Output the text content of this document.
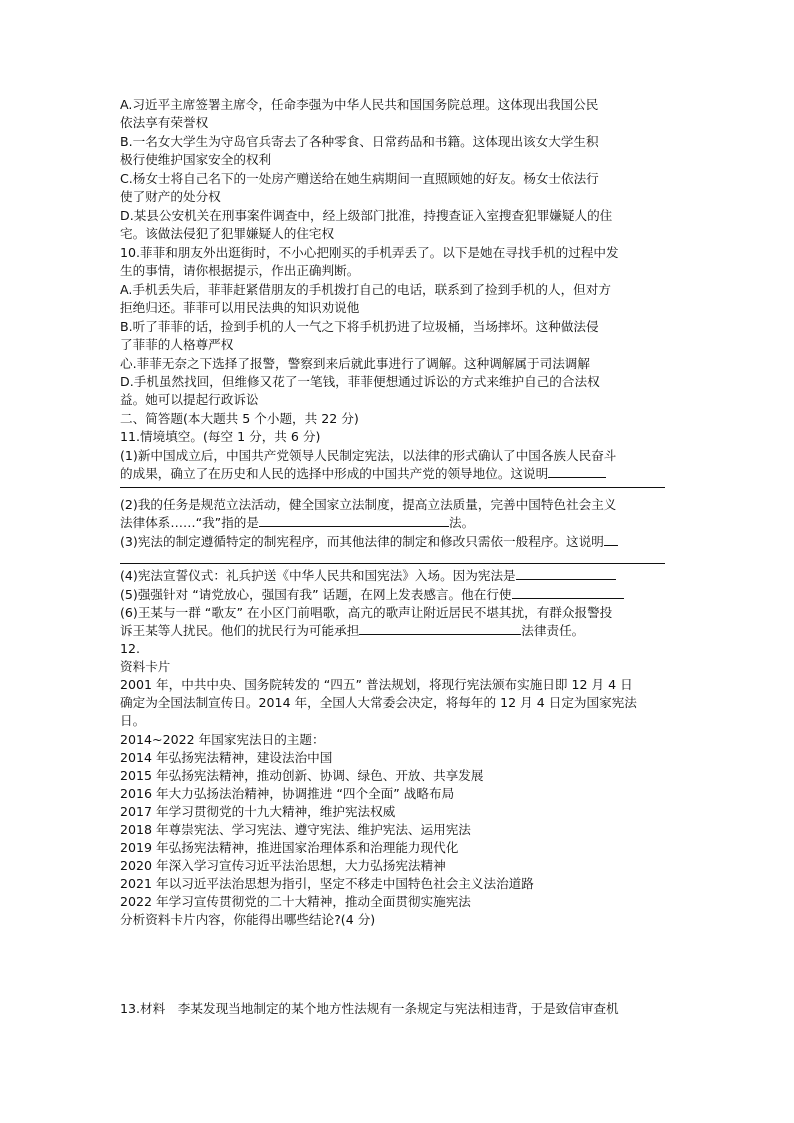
A.习近平主席签署主席令，任命李强为中华人民共和国国务院总理。这体现出我国公民
依法享有荣誉权
B.一名女大学生为守岛官兵寄去了各种零食、日常药品和书籍。这体现出该女大学生积
极行使维护国家安全的权利
C.杨女士将自己名下的一处房产赠送给在她生病期间一直照顾她的好友。杨女士依法行
使了财产的处分权
D.某县公安机关在刑事案件调查中，经上级部门批准，持搜查证入室搜查犯罪嫌疑人的住
宅。该做法侵犯了犯罪嫌疑人的住宅权
10.菲菲和朋友外出逛街时，不小心把刚买的手机弄丢了。以下是她在寻找手机的过程中发
生的事情，请你根据提示，作出正确判断。
A.手机丢失后，菲菲赶紧借朋友的手机拨打自己的电话，联系到了捡到手机的人，但对方
拒绝归还。菲菲可以用民法典的知识劝说他
B.听了菲菲的话，捡到手机的人一气之下将手机扔进了垃圾桶，当场摔坏。这种做法侵
了菲菲的人格尊严权
心.菲菲无奈之下选择了报警，警察到来后就此事进行了调解。这种调解属于司法调解
D.手机虽然找回，但维修又花了一笔钱，菲菲便想通过诉讼的方式来维护自己的合法权
益。她可以提起行政诉讼
二、简答题(本大题共 5 个小题，共 22 分)
11.情境填空。(每空 1 分，共 6 分)
(1)新中国成立后，中国共产党领导人民制定宪法，以法律的形式确认了中国各族人民奋斗
的成果，确立了在历史和人民的选择中形成的中国共产党的领导地位。这说明
(2)我的任务是规范立法活动，健全国家立法制度，提高立法质量，完善中国特色社会主义
法律体系……“我”指的是	法。
(3)宪法的制定遵循特定的制宪程序，而其他法律的制定和修改只需依一般程序。这说明
(4)宪法宣誓仪式：礼兵护送《中华人民共和国宪法》入场。因为宪法是
(5)强强针对 “请党放心，强国有我” 话题，在网上发表感言。他在行使
(6)王某与一群 “歌友” 在小区门前唱歌，高亢的歌声让附近居民不堪其扰，有群众报警投
诉王某等人扰民。他们的扰民行为可能承担	法律责任。
12.
资料卡片
2001 年，中共中央、国务院转发的 “四五” 普法规划，将现行宪法颁布实施日即 12 月 4 日
确定为全国法制宣传日。2014 年，全国人大常委会决定，将每年的 12 月 4 日定为国家宪法
日。
2014~2022 年国家宪法日的主题：
2014 年弘扬宪法精神，建设法治中国
2015 年弘扬宪法精神，推动创新、协调、绿色、开放、共享发展
2016 年大力弘扬法治精神，协调推进 “四个全面” 战略布局
2017 年学习贯彻党的十九大精神，维护宪法权威
2018 年尊崇宪法、学习宪法、遵守宪法、维护宪法、运用宪法
2019 年弘扬宪法精神，推进国家治理体系和治理能力现代化
2020 年深入学习宣传习近平法治思想，大力弘扬宪法精神
2021 年以习近平法治思想为指引，坚定不移走中国特色社会主义法治道路
2022 年学习宣传贯彻党的二十大精神，推动全面贯彻实施宪法
分析资料卡片内容，你能得出哪些结论?(4 分)
13.材料　李某发现当地制定的某个地方性法规有一条规定与宪法相违背，于是致信审查机
